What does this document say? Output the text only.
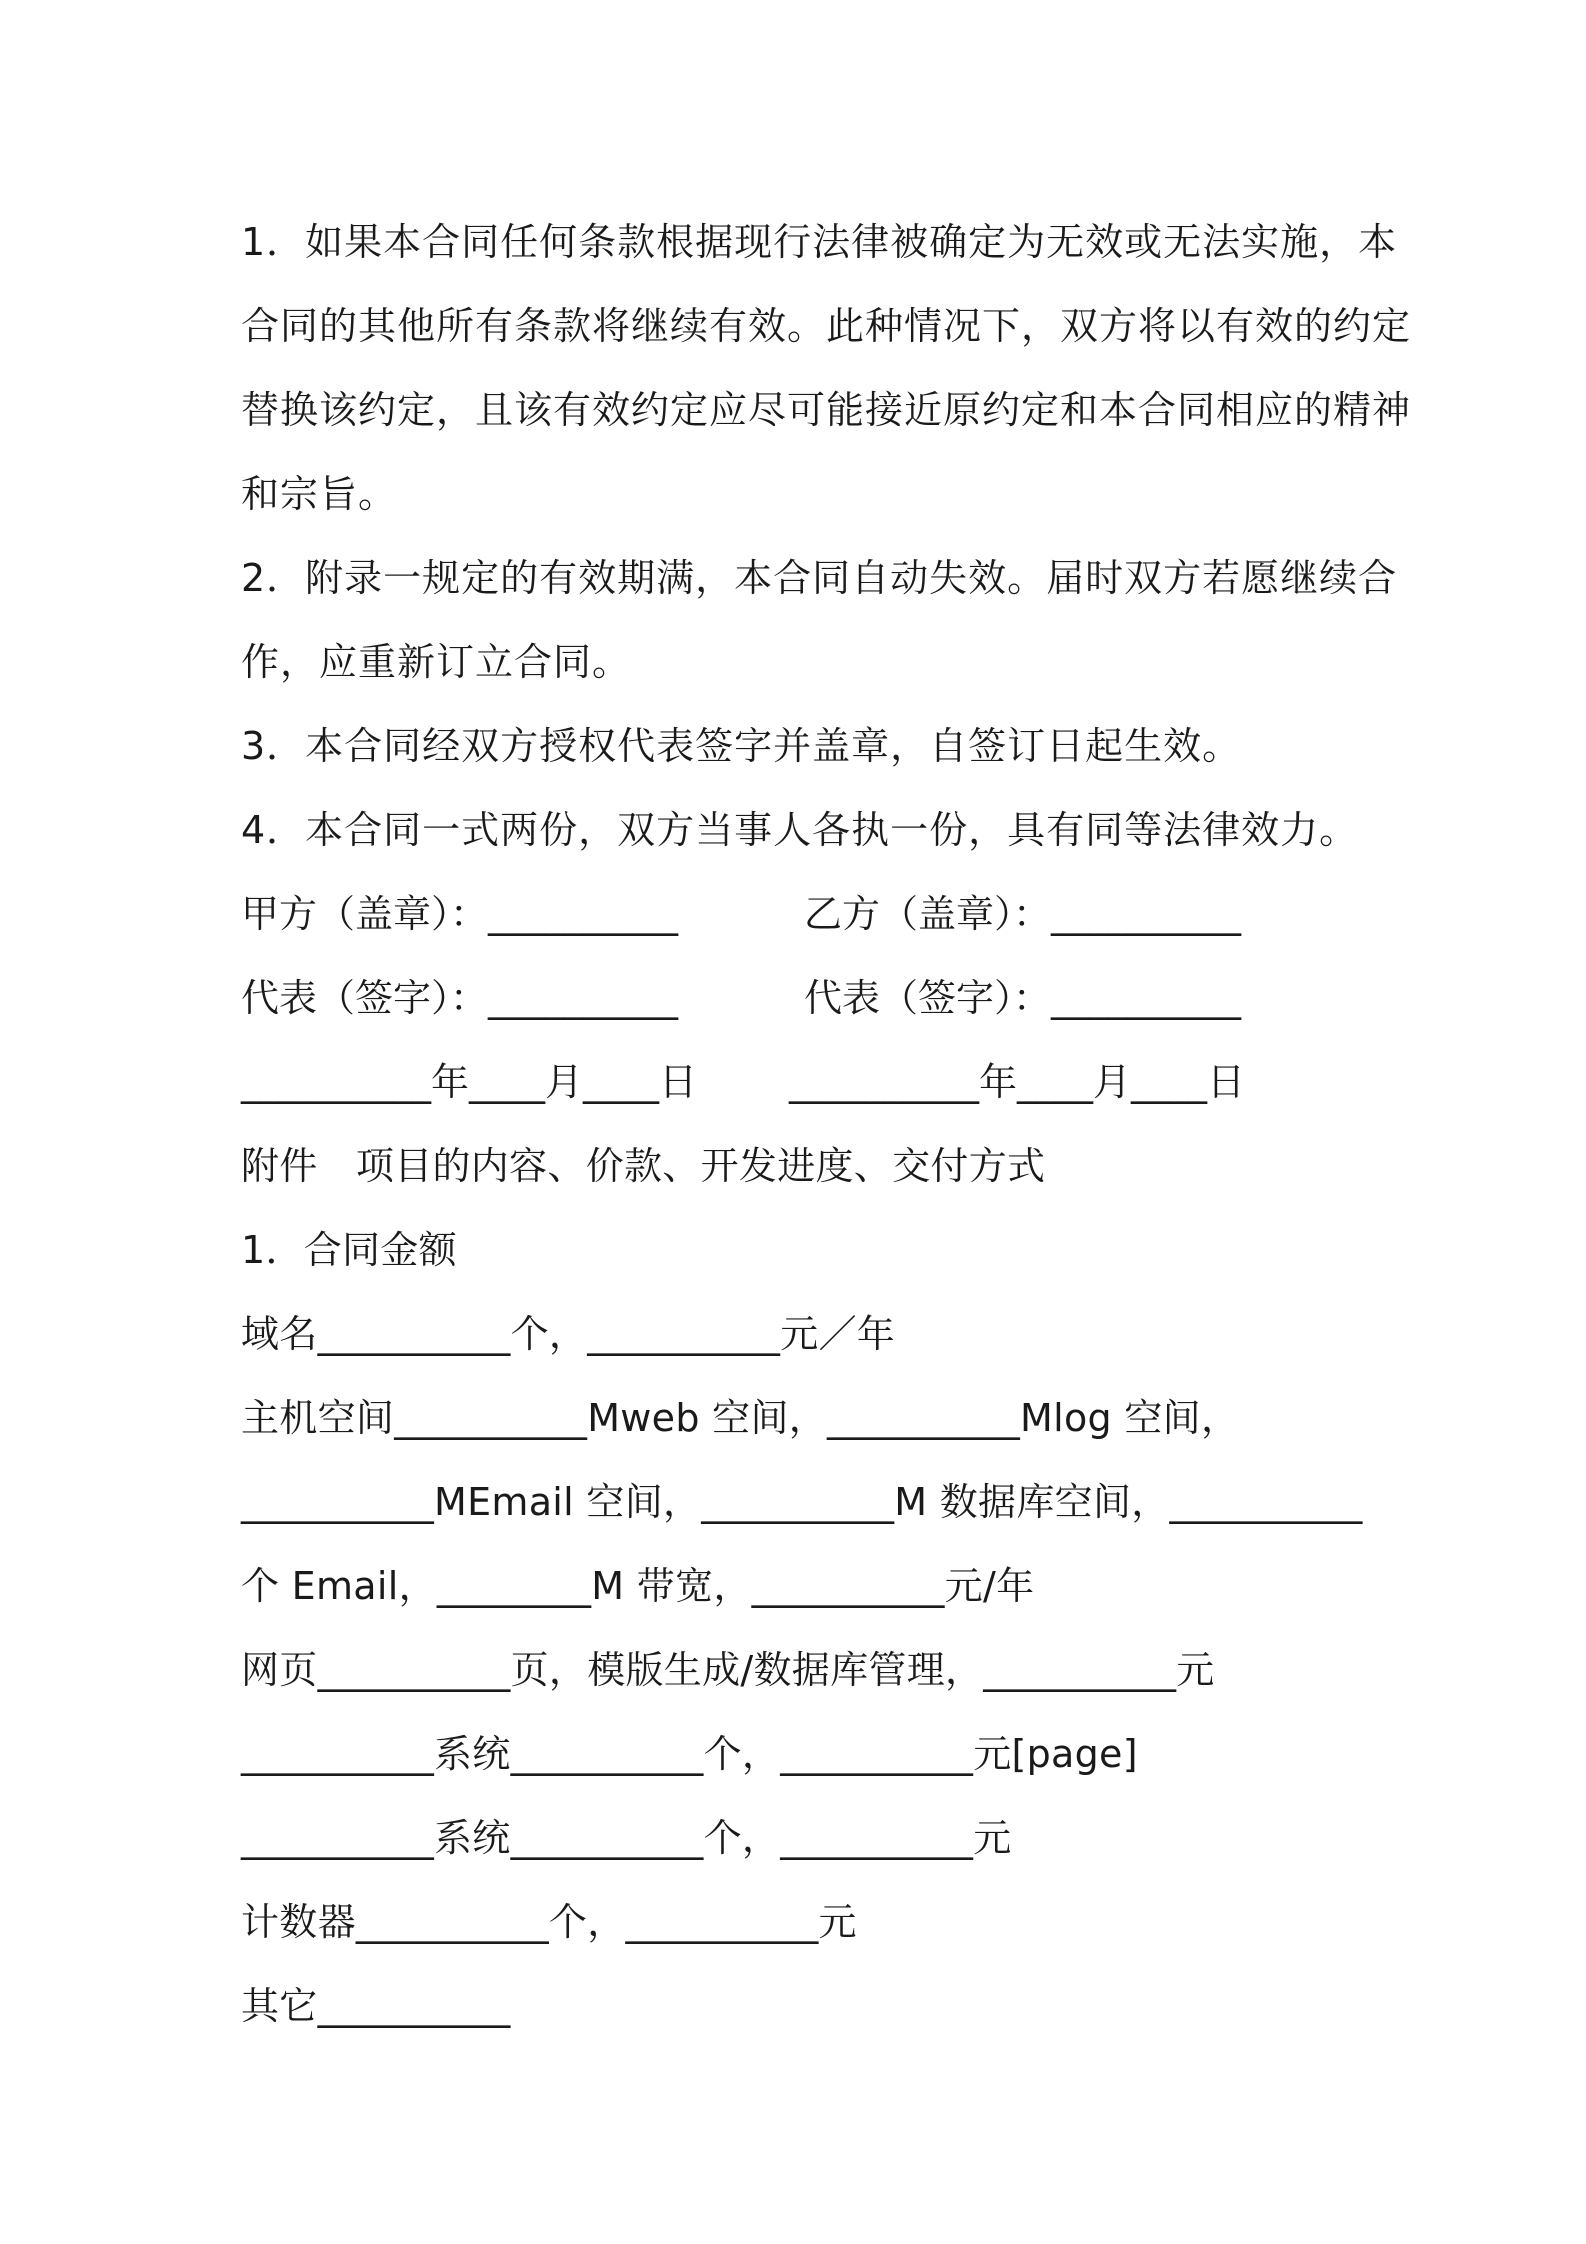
1．如果本合同任何条款根据现行法律被确定为无效或无法实施，本
合同的其他所有条款将继续有效。此种情况下，双方将以有效的约定
替换该约定，且该有效约定应尽可能接近原约定和本合同相应的精神
和宗旨。
2．附录一规定的有效期满，本合同自动失效。届时双方若愿继续合
作，应重新订立合同。
3．本合同经双方授权代表签字并盖章，自签订日起生效。
4．本合同一式两份，双方当事人各执一份，具有同等法律效力。

甲方（盖章）：__________

	乙方（盖章）：__________

代表（签字）：__________

	代表（签字）：__________

__________年____月____日

__________年____月____日

附件　项目的内容、价款、开发进度、交付方式
1．合同金额
域名__________个，__________元／年
主机空间__________Mweb 空间，__________Mlog 空间，
__________MEmail 空间，__________M 数据库空间，__________
个 Email，________M 带宽，__________元/年
网页__________页，模版生成/数据库管理，__________元
__________系统__________个，__________元[page]
__________系统__________个，__________元
计数器__________个，__________元
其它__________
